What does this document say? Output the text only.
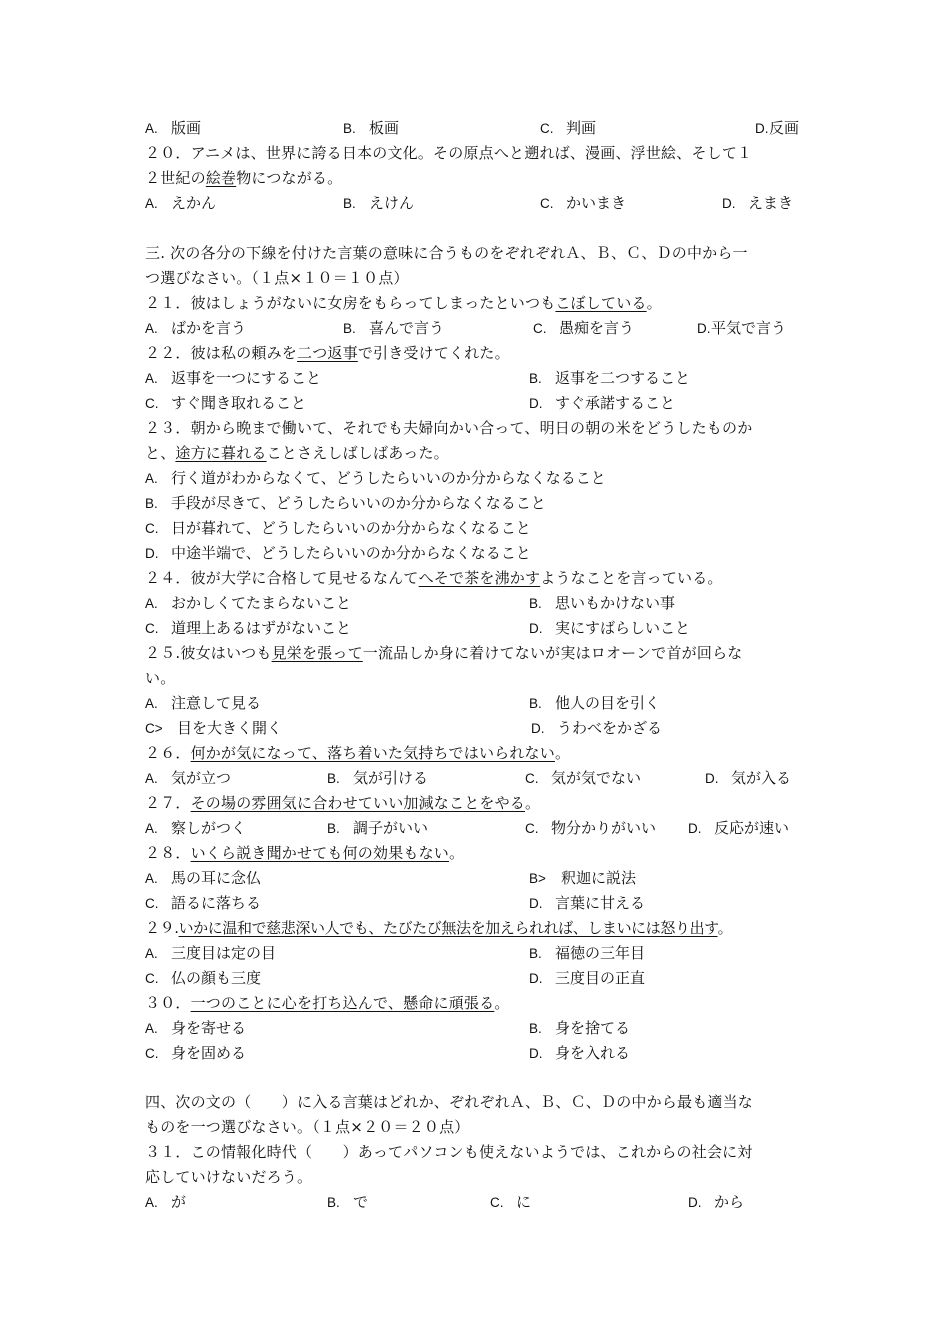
A. 版画	B. 板画	C. 判画	D.反画
２０．アニメは、世界に誇る日本の文化。その原点へと遡れば、漫画、浮世絵、そして１
２世紀の絵巻物につながる。
A. えかん	B. えけん	C. かいまき	D. えまき
三. 次の各分の下線を付けた言葉の意味に合うものをぞれぞれＡ、Ｂ、Ｃ、Ｄの中から一
つ選びなさい。（１点×１０＝１０点）
２１．彼はしょうがないに女房をもらってしまったといつもこぼしている。
A. ばかを言う	B. 喜んで言う	C. 愚痴を言う	D.平気で言う
２２．彼は私の頼みを二つ返事で引き受けてくれた。
A. 返事を一つにすること	B. 返事を二つすること
C. すぐ聞き取れること	D. すぐ承諾すること
２３．朝から晩まで働いて、それでも夫婦向かい合って、明日の朝の米をどうしたものか
と、途方に暮れることさえしばしばあった。
A. 行く道がわからなくて、どうしたらいいのか分からなくなること
B. 手段が尽きて、どうしたらいいのか分からなくなること
C. 日が暮れて、どうしたらいいのか分からなくなること
D. 中途半端で、どうしたらいいのか分からなくなること
２４．彼が大学に合格して見せるなんてへそで茶を沸かすようなことを言っている。
A. おかしくてたまらないこと	B. 思いもかけない事
C. 道理上あるはずがないこと	D. 実にすばらしいこと
２５.彼女はいつも見栄を張って一流品しか身に着けてないが実はロオーンで首が回らな
い。
A. 注意して見る	B. 他人の目を引く
C> 目を大きく開く	D. うわべをかざる
２６．何かが気になって、落ち着いた気持ちではいられない。
A. 気が立つ	B. 気が引ける	C. 気が気でない	D. 気が入る
２７．その場の雰囲気に合わせていい加減なことをやる。
A. 察しがつく	B. 調子がいい	C. 物分かりがいい D. 反応が速い
２８．いくら説き聞かせても何の効果もない。
A. 馬の耳に念仏	B> 釈迦に説法
C. 語るに落ちる	D. 言葉に甘える
２９.いかに温和で慈悲深い人でも、たびたび無法を加えられれば、しまいには怒り出す。
A. 三度目は定の目	B. 福徳の三年目
C. 仏の顔も三度	D. 三度目の正直
３０．一つのことに心を打ち込んで、懸命に頑張る。
A. 身を寄せる	B. 身を捨てる
C. 身を固める	D. 身を入れる
四、次の文の（　　）に入る言葉はどれか、ぞれぞれＡ、Ｂ、Ｃ、Ｄの中から最も適当な
ものを一つ選びなさい。（１点×２０＝２０点）
３１．この情報化時代（　　）あってパソコンも使えないようでは、これからの社会に対
応していけないだろう。
A. が	B. で	C. に	D. から
